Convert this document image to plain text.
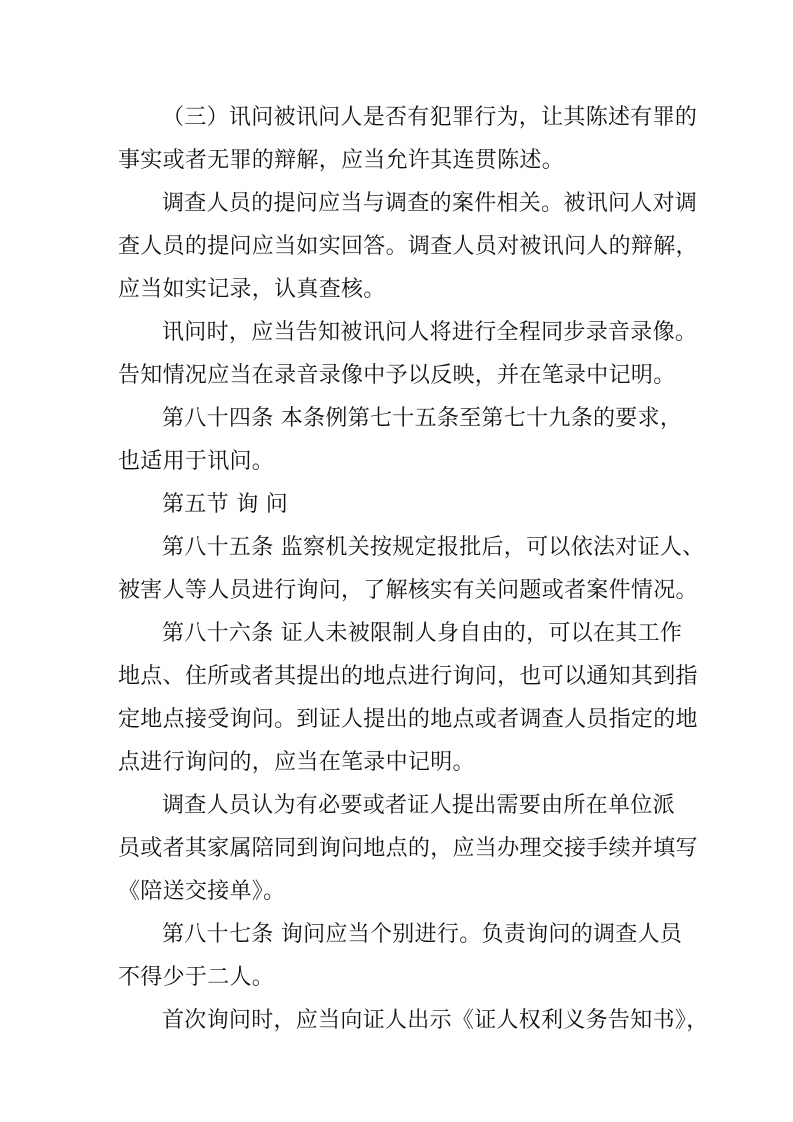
（三）讯问被讯问人是否有犯罪行为，让其陈述有罪的
事实或者无罪的辩解，应当允许其连贯陈述。
调查人员的提问应当与调查的案件相关。被讯问人对调
查人员的提问应当如实回答。调查人员对被讯问人的辩解，
应当如实记录，认真查核。
讯问时，应当告知被讯问人将进行全程同步录音录像。
告知情况应当在录音录像中予以反映，并在笔录中记明。
第八十四条 本条例第七十五条至第七十九条的要求，
也适用于讯问。
第五节 询 问
第八十五条 监察机关按规定报批后，可以依法对证人、
被害人等人员进行询问，了解核实有关问题或者案件情况。
第八十六条 证人未被限制人身自由的，可以在其工作
地点、住所或者其提出的地点进行询问，也可以通知其到指
定地点接受询问。到证人提出的地点或者调查人员指定的地
点进行询问的，应当在笔录中记明。
调查人员认为有必要或者证人提出需要由所在单位派
员或者其家属陪同到询问地点的，应当办理交接手续并填写
《陪送交接单》。
第八十七条 询问应当个别进行。负责询问的调查人员
不得少于二人。
首次询问时，应当向证人出示《证人权利义务告知书》，
